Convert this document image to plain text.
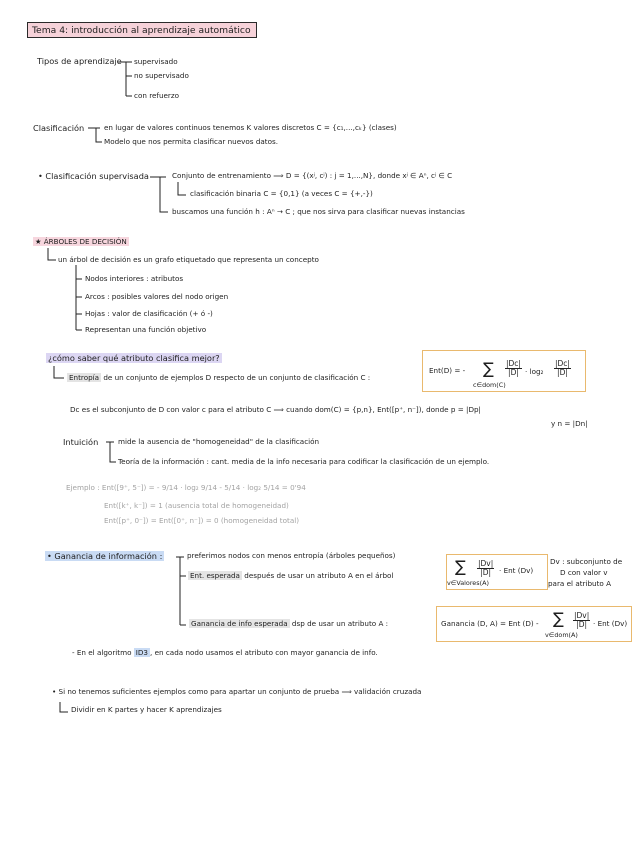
Tema 4: introducción al aprendizaje automático
Tipos de aprendizaje supervisado
no supervisado
con refuerzo
Clasificación	en lugar de valores continuos tenemos K valores discretos C = {c₁,...,cₖ} (clases)
Modelo que nos permita clasificar nuevos datos.
• Clasificación supervisada	Conjunto de entrenamiento ⟹ D = {(xʲ, cʲ) : j = 1,...,N}, donde xʲ ∈ Aⁿ, cʲ ∈ C
clasificación binaria C = {0,1} (a veces C = {+,-})
buscamos una función h : Aⁿ → C ; que nos sirva para clasificar nuevas instancias
★ ÁRBOLES DE DECISIÓN
un árbol de decisión es un grafo etiquetado que representa un concepto
Nodos interiores : atributos
Arcos : posibles valores del nodo origen
Hojas : valor de clasificación (+ ó -)
Representan una función objetivo
¿cómo saber qué atributo clasifica mejor?
Entropía de un conjunto de ejemplos D respecto de un conjunto de clasificación C :
Ent(D) = - ∑
c∈dom(C)
$\frac{|Dc|}{|D|} \cdot \log_2 \frac{|Dc|}{|D|}$
Dc es el subconjunto de D con valor c para el atributo C ⟹ cuando dom(C) = {p,n}, Ent([p⁺, n⁻]), donde p = |Dp|
y n = |Dn|
Intuición	mide la ausencia de "homogeneidad" de la clasificación
Teoría de la información : cant. media de la info necesaria para codificar la clasificación de un ejemplo.
Ejemplo : Ent([9⁺, 5⁻]) = - 9/14 · log₂ 9/14 - 5/14 · log₂ 5/14 = 0'94
Ent([k⁺, k⁻]) = 1 (ausencia total de homogeneidad)
Ent([p⁺, 0⁻]) = Ent([0⁺, n⁻]) = 0 (homogeneidad total)
• Ganancia de información :	preferimos nodos con menos entropía (árboles pequeños)
Ent. esperada después de usar un atributo A en el árbol	∑
v∈Valores(A)
$\frac{|Dv|}{|D|}$ · Ent (Dv)
Dv : subconjunto de
D con valor v
para el atributo A
Ganancia de info esperada dsp de usar un atributo A :	Ganancia (D, A) = Ent (D) - ∑
v∈dom(A)
$\frac{|Dv|}{|D|}$ · Ent (Dv)
- En el algoritmo ID3 , en cada nodo usamos el atributo con mayor ganancia de info.
• Si no tenemos suficientes ejemplos como para apartar un conjunto de prueba ⟹ validación cruzada
Dividir en K partes y hacer K aprendizajes
